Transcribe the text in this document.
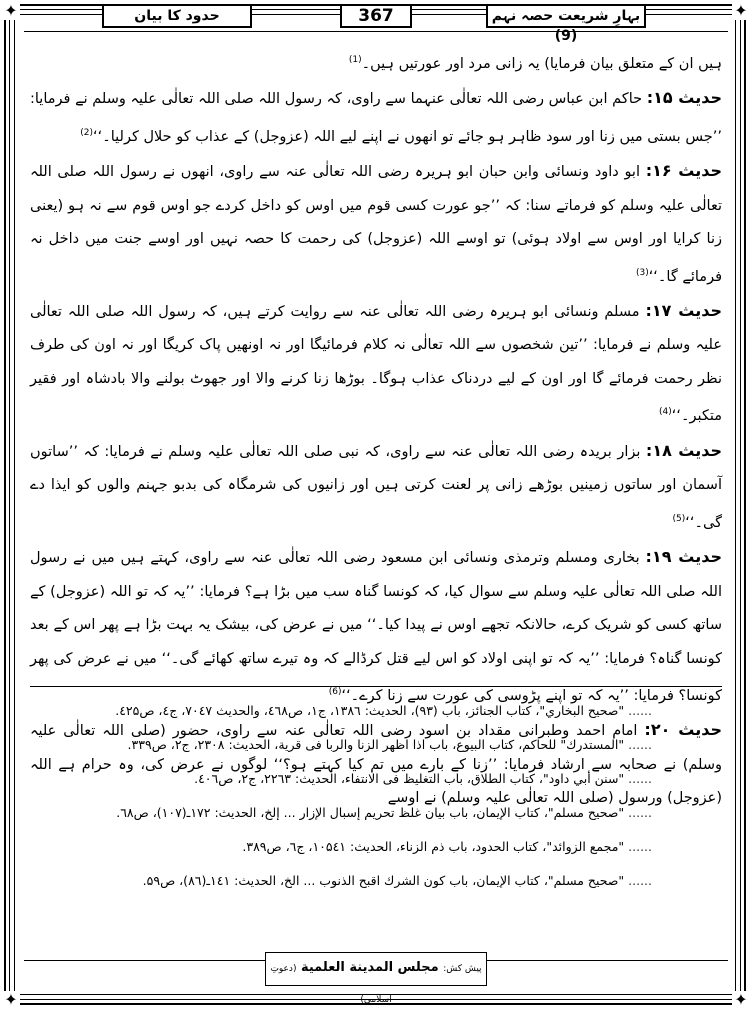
✦	✦
✦	✦
حدود کا بیان	367	بہارِ شریعت حصہ نہم (9)

ہیں ان کے متعلق بیان فرمایا) یہ زانی مرد اور عورتیں ہیں۔$^{(1)}$

حدیث ۱۵: حاکم ابن عباس رضی اللہ تعالٰی عنہما سے راوی، کہ رسول اللہ صلی اللہ تعالٰی علیہ وسلم نے فرمایا: ’’جس بستی میں زنا اور سود ظاہر ہو جائے تو انھوں نے اپنے لیے اللہ (عزوجل) کے عذاب کو حلال کرلیا۔‘‘$^{(2)}$

حدیث ۱۶: ابو داود ونسائی وابن حبان ابو ہریرہ رضی اللہ تعالٰی عنہ سے راوی، انھوں نے رسول اللہ صلی اللہ تعالٰی علیہ وسلم کو فرماتے سنا: کہ ’’جو عورت کسی قوم میں اوس کو داخل کردے جو اوس قوم سے نہ ہو (یعنی زنا کرایا اور اوس سے اولاد ہوئی) تو اوسے اللہ (عزوجل) کی رحمت کا حصہ نہیں اور اوسے جنت میں داخل نہ فرمائے گا۔‘‘$^{(3)}$

حدیث ۱۷: مسلم ونسائی ابو ہریرہ رضی اللہ تعالٰی عنہ سے روایت کرتے ہیں، کہ رسول اللہ صلی اللہ تعالٰی علیہ وسلم نے فرمایا: ’’تین شخصوں سے اللہ تعالٰی نہ کلام فرمائیگا اور نہ اونھیں پاک کریگا اور نہ اون کی طرف نظر رحمت فرمائے گا اور اون کے لیے دردناک عذاب ہوگا۔ بوڑھا زنا کرنے والا اور جھوٹ بولنے والا بادشاہ اور فقیر متکبر۔‘‘$^{(4)}$

حدیث ۱۸: بزار بریدہ رضی اللہ تعالٰی عنہ سے راوی، کہ نبی صلی اللہ تعالٰی علیہ وسلم نے فرمایا: کہ ’’ساتوں آسمان اور ساتوں زمینیں بوڑھے زانی پر لعنت کرتی ہیں اور زانیوں کی شرمگاہ کی بدبو جہنم والوں کو ایذا دے گی۔‘‘$^{(5)}$

حدیث ۱۹: بخاری ومسلم وترمذی ونسائی ابن مسعود رضی اللہ تعالٰی عنہ سے راوی، کہتے ہیں میں نے رسول اللہ صلی اللہ تعالٰی علیہ وسلم سے سوال کیا، کہ کونسا گناہ سب میں بڑا ہے؟ فرمایا: ’’یہ کہ تو اللہ (عزوجل) کے ساتھ کسی کو شریک کرے، حالانکہ تجھے اوس نے پیدا کیا۔‘‘ میں نے عرض کی، بیشک یہ بہت بڑا ہے پھر اس کے بعد کونسا گناہ؟ فرمایا: ’’یہ کہ تو اپنی اولاد کو اس لیے قتل کرڈالے کہ وہ تیرے ساتھ کھائے گی۔‘‘ میں نے عرض کی پھر کونسا؟ فرمایا: ’’یہ کہ تو اپنے پڑوسی کی عورت سے زنا کرے۔‘‘$^{(6)}$

حدیث ۲۰: امام احمد وطبرانی مقداد بن اسود رضی اللہ تعالٰی عنہ سے راوی، حضور (صلی اللہ تعالٰی علیہ وسلم) نے صحابہ سے ارشاد فرمایا: ’’زنا کے بارے میں تم کیا کہتے ہو؟‘‘ لوگوں نے عرض کی، وہ حرام ہے اللہ (عزوجل) ورسول (صلی اللہ تعالٰی علیہ وسلم) نے اوسے

...... "صحیح البخاري"، کتاب الجنائز، باب (۹۳)، الحدیث: ۱۳۸٦، ج۱، ص٤٦۸، والحدیث ۷۰٤۷، ج٤، ص٤۲۵.

...... "المستدرك" للحاکم، کتاب البیوع، باب اذا اظهر الزنا والربا فی قریة، الحدیث: ۲۳۰۸، ج۲، ص۳۳۹.

...... "سنن أبي داود"، کتاب الطلاق، باب التغلیظ فی الانتفاء، الحدیث: ۲۲٦۳، ج۲، ص٤۰٦.

...... "صحیح مسلم"، کتاب الإیمان، باب بیان غلظ تحریم إسبال الإزار ... إلخ، الحدیث: ۱۷۲ـ(۱۰۷)، ص٦۸.

...... "مجمع الزوائد"، کتاب الحدود، باب ذم الزناء، الحدیث: ۱۰۵٤۱، ج٦، ص۳۸۹.

...... "صحیح مسلم"، کتاب الإیمان، باب کون الشرك اقبح الذنوب ... الخ، الحدیث: ۱٤۱ـ(۸٦)، ص۵۹.

پیش کش: مجلس المدینة العلمیة (دعوتِ اسلامی)
